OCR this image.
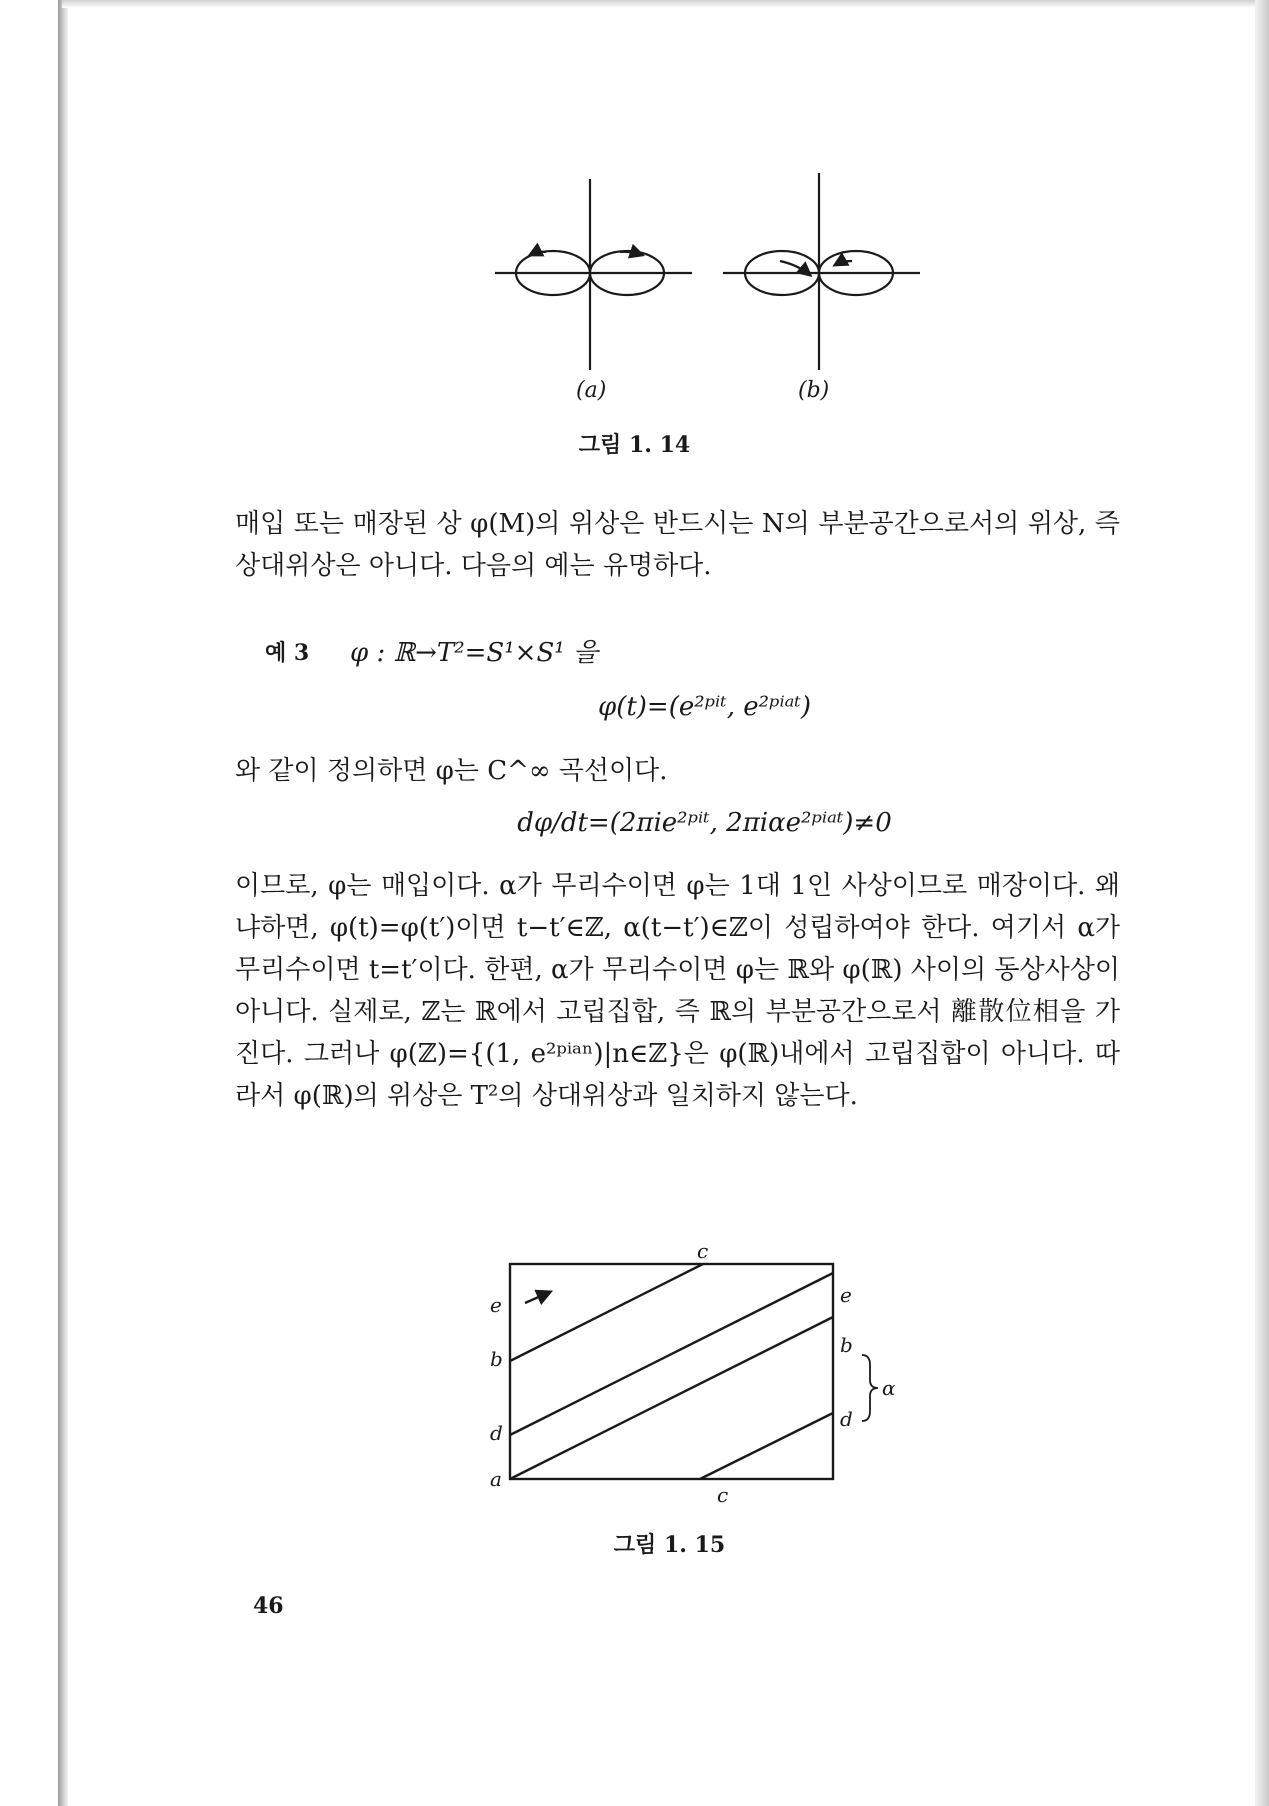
(a)	(b)
그림 1. 14
매입 또는 매장된 상 φ(M)의 위상은 반드시는 N의 부분공간으로서의 위상, 즉 상대위상은 아니다. 다음의 예는 유명하다.
예 3 φ : ℝ→T²=S¹×S¹ 을
φ(t)=(e²ᵖⁱᵗ, e²ᵖⁱᵃᵗ)
와 같이 정의하면 φ는 C^∞ 곡선이다.
dφ/dt=(2πie²ᵖⁱᵗ, 2πiαe²ᵖⁱᵃᵗ)≠0
이므로, φ는 매입이다. α가 무리수이면 φ는 1대 1인 사상이므로 매장이다. 왜냐하면, φ(t)=φ(t′)이면 t−t′∈ℤ, α(t−t′)∈ℤ이 성립하여야 한다. 여기서 α가 무리수이면 t=t′이다. 한편, α가 무리수이면 φ는 ℝ와 φ(ℝ) 사이의 동상사상이 아니다. 실제로, ℤ는 ℝ에서 고립집합, 즉 ℝ의 부분공간으로서 離散位相을 가진다. 그러나 φ(ℤ)={(1, e²ᵖⁱᵃⁿ)|n∈ℤ}은 φ(ℝ)내에서 고립집합이 아니다. 따라서 φ(ℝ)의 위상은 T²의 상대위상과 일치하지 않는다.
c
e	e
b
b
d
d
α
a
c
그림 1. 15
46
